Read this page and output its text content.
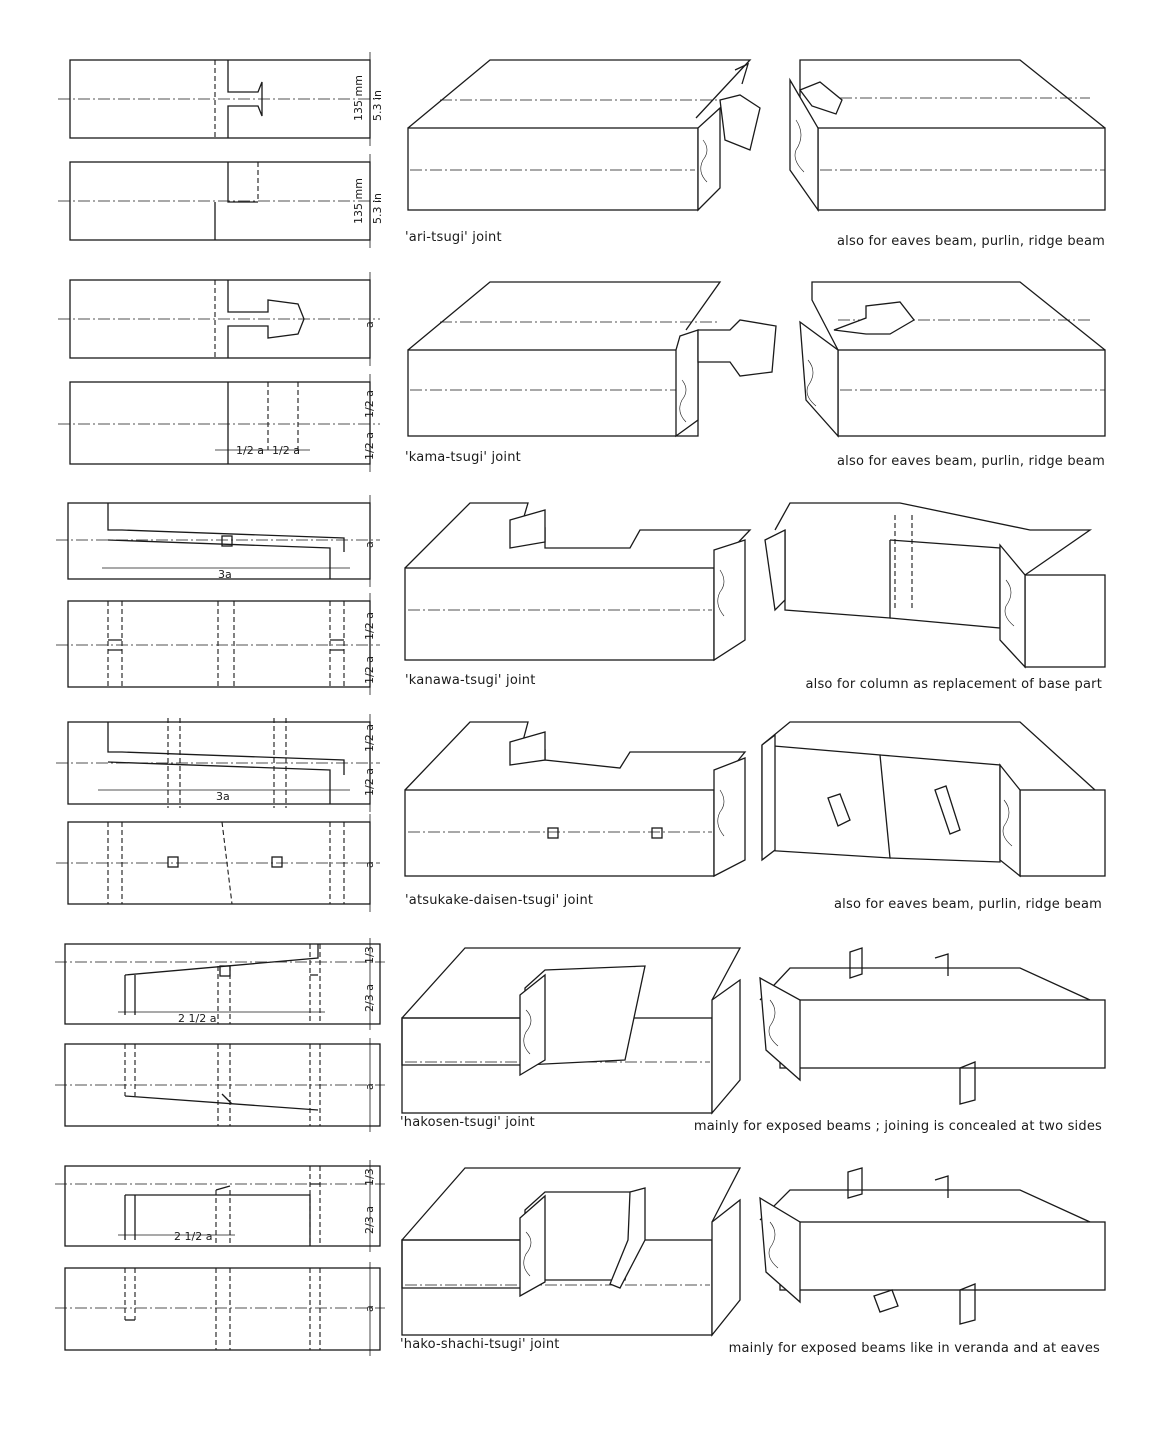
135 mm 5.3 in
135 mm 5.3 in
'ari-tsugi' joint	also for eaves beam, purlin, ridge beam
a
1/2 a 1/2 a
1/2 a
1/2 a 'kama-tsugi' joint	also for eaves beam, purlin, ridge beam
3a
a
1/2 a
1/2 a 'kanawa-tsugi' joint	also for column as replacement of base part
3a
1/2 a
1/2 a
a
'atsukake-daisen-tsugi' joint	also for eaves beam, purlin, ridge beam
2 1/2 a
1/3
2/3 a
a
'hakosen-tsugi' joint	mainly for exposed beams ; joining is concealed at two sides
2 1/2 a
1/3
2/3 a
a
'hako-shachi-tsugi' joint	mainly for exposed beams like in veranda and at eaves
